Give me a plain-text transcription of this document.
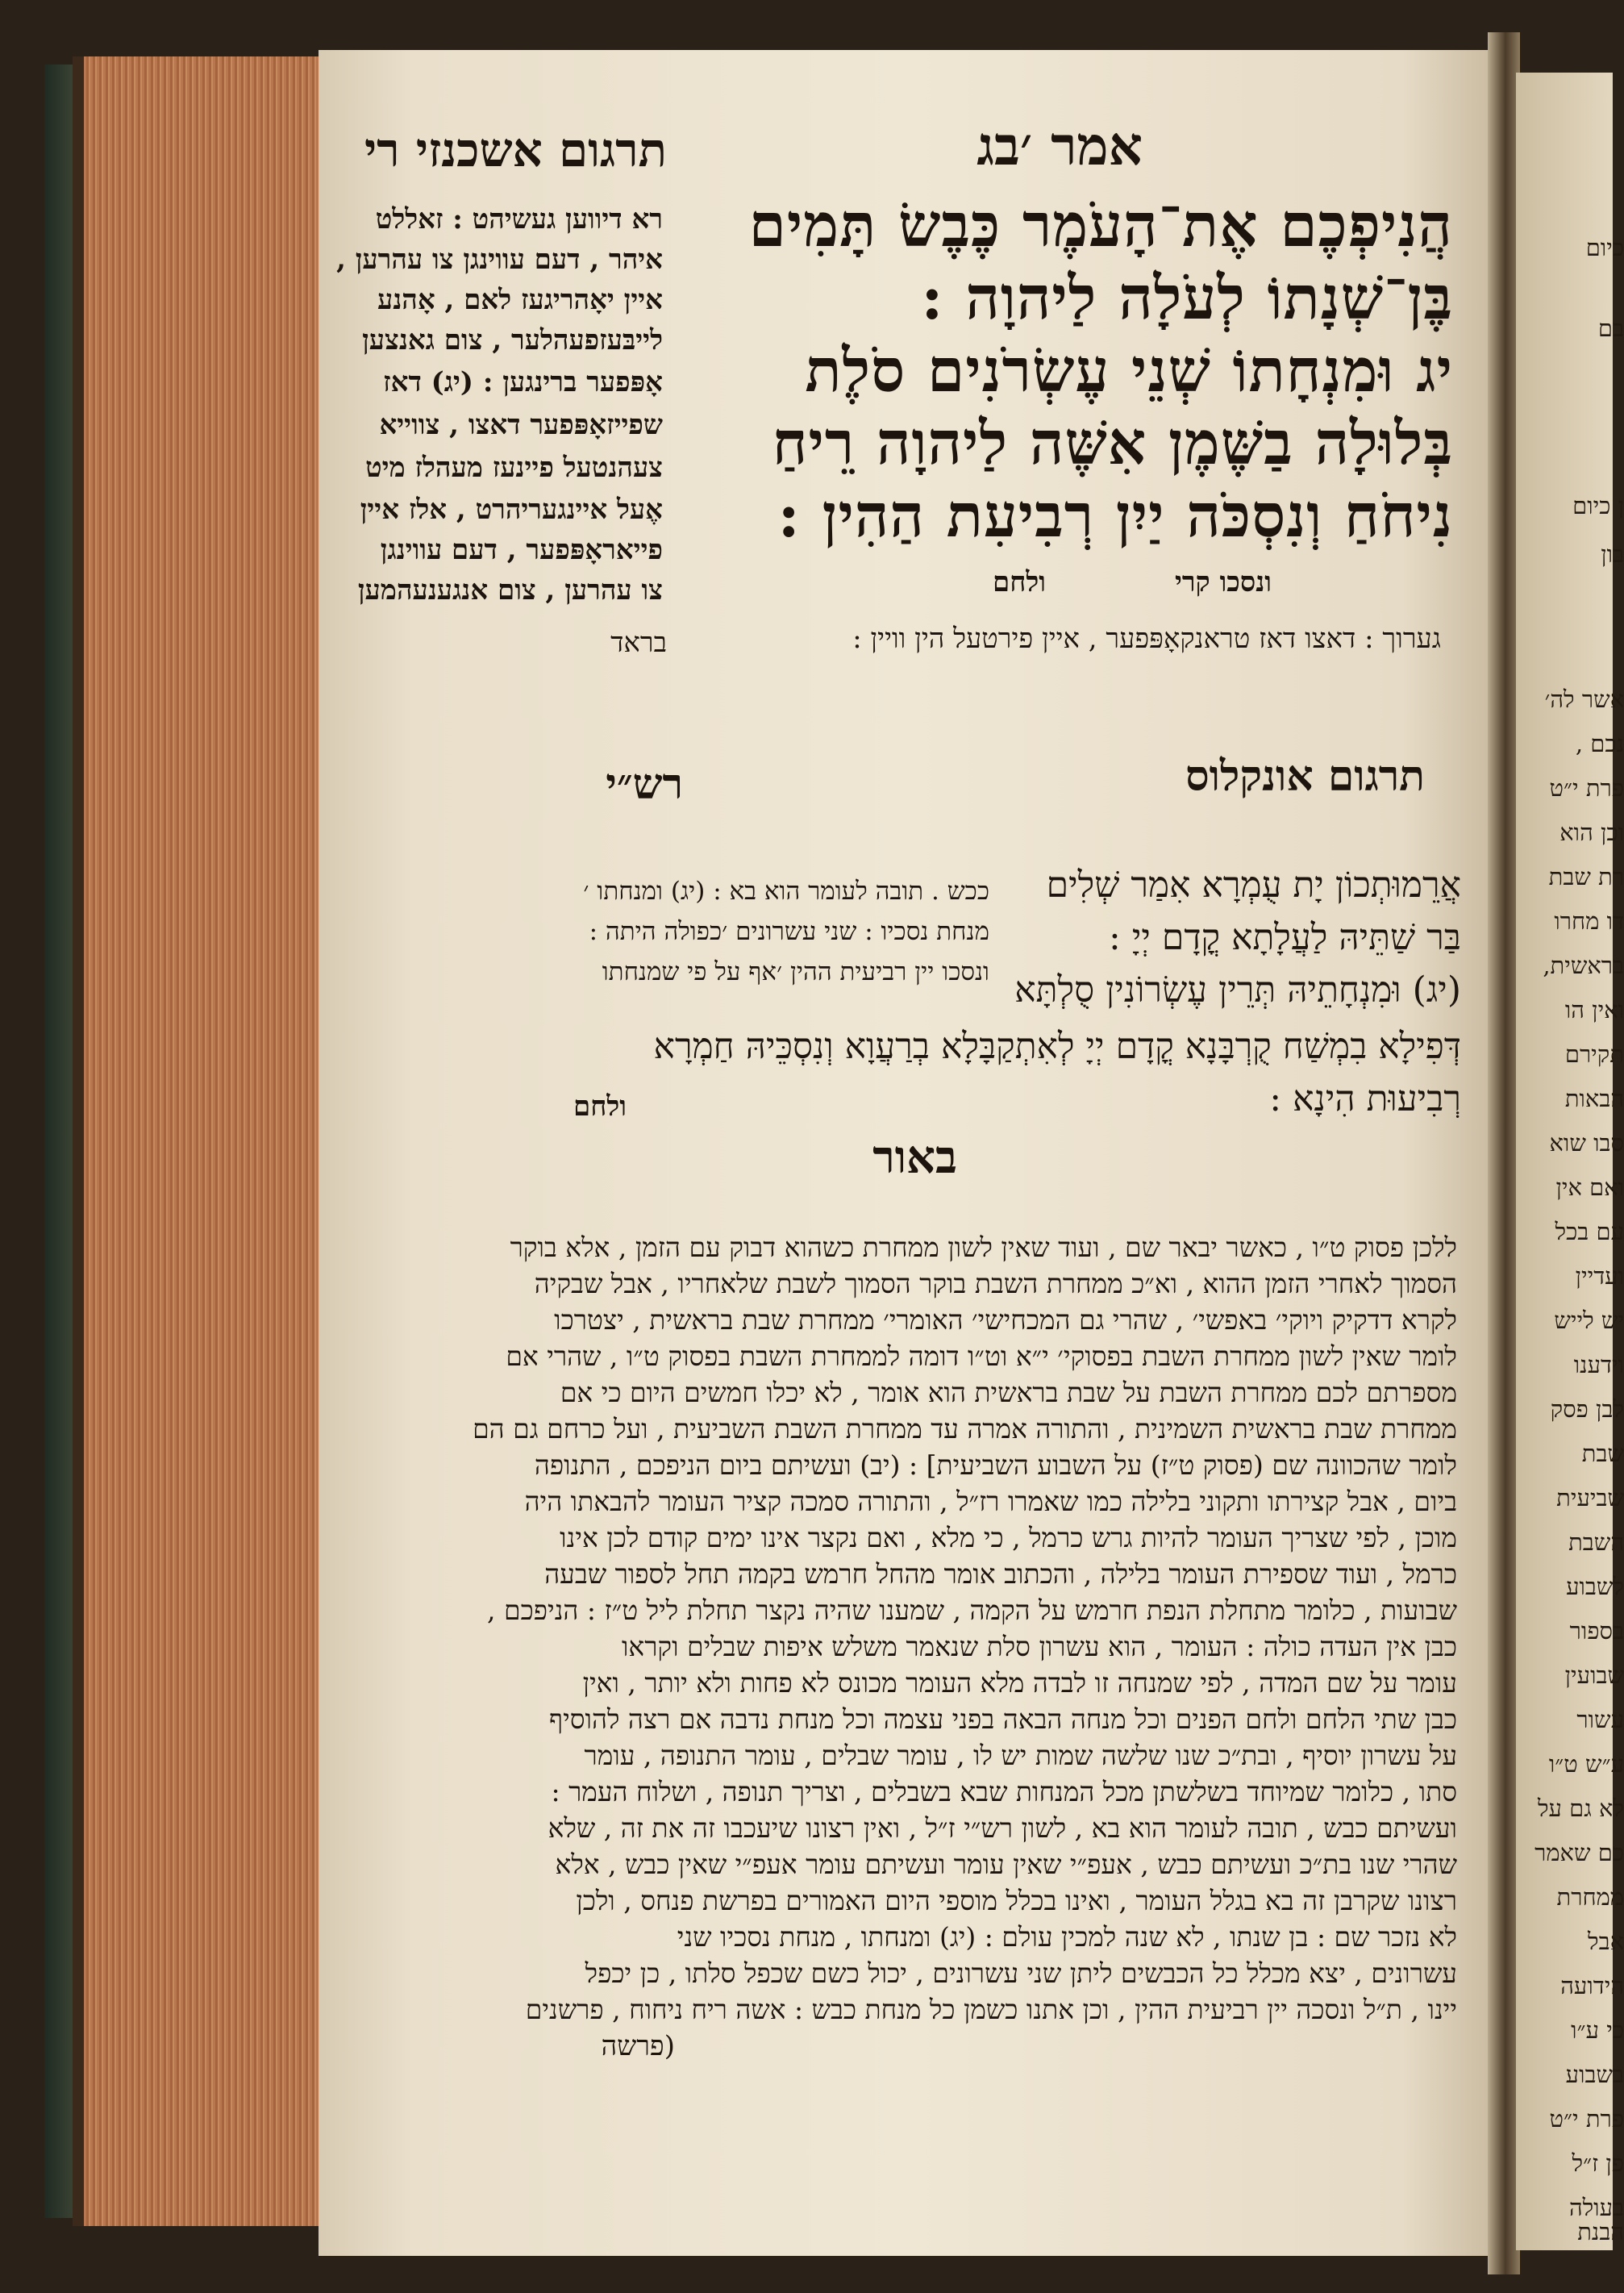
אמר ׳בג
תרגום אשכנזי רי
הֲנִיפְכֶם אֶת־הָעֹמֶר כֶּבֶשׂ תָּמִים
בֶּן־שְׁנָתוֹ לְעֹלָה לַיהוָה :
יג וּמִנְחָתוֹ שְׁנֵי עֶשְׂרֹנִים סֹלֶת
בְּלוּלָה בַשֶּׁמֶן אִשֶּׁה לַיהוָה רֵיחַ
נִיחֹחַ וְנִסְכֹּה יַיִן רְבִיעִת הַהִין :
ונסכו קרי
ולחם
רא דיווען געשיהט : זאללט
איהר , דעם עווינגן צו עהרען ,
איין יאָהריגעז לאם , אָהנע
לייבּעזפעהלער , צום גאנצען
אָפּפער ברינגען : (יג) דאז
שפייזאָפּפער דאצו , צווייא
צעהנטעל פיינעז מעהלז מיט
אֶעל איינגעריהרט , אלז איין
פייאראָפּפער , דעם עווינגן
צו עהרען , צום אנגענעהמען
גערוך : דאצו דאז טראנקאָפּפער , איין פירטעל הין וויין :
בראד
תרגום אונקלוס
רש״י
אֲרֵמוּתְכוֹן יָת עֻמְרָא אִמַר שְׁלִים
בַּר שַׁתֵּיהּ לַעֲלָתָא קֳדָם יְיָ :
(יג) וּמִנְחָתֵיהּ תְּרֵין עֶשְׂרוֹנִין סֻלְתָּא
דְּפִילָא בִמְשַׁח קֻרְבָּנָא קֳדָם יְיָ לְאִתְקַבָּלָא בְרַעֲוָא וְנִסְכֵּיהּ חַמְרָא
רְבִיעוּת הִינָא :
ולחם
ככש . תובה לעומר הוא בא : (יג) ומנחתו ׳
מנחת נסכיו : שני עשרונים ׳כפולה היתה :
ונסכו יין רביעית ההין ׳אף על פי שמנחתו
באור
ללכן פסוק ט״ו , כאשר יבאר שם , ועוד שאין לשון ממחרת כשהוא דבוק עם הזמן , אלא בוקר
הסמוך לאחרי הזמן ההוא , וא״כ ממחרת השבת בוקר הסמוך לשבת שלאחריו , אבל שבקיה
לקרא דדקיק ויוקי׳ באפשי׳ , שהרי גם המכחישי׳ האומרי׳ ממחרת שבת בראשית , יצטרכו
לומר שאין לשון ממחרת השבת בפסוקי׳ י״א וט״ו דומה לממחרת השבת בפסוק ט״ו , שהרי אם
מספרתם לכם ממחרת השבת על שבת בראשית הוא אומר , לא יכלו חמשים היום כי אם
ממחרת שבת בראשית השמינית , והתורה אמרה עד ממחרת השבת השביעית , ועל כרחם גם הם
לומר שהכוונה שם (פסוק ט״ז) על השבוע השביעית] : (יב) ועשיתם ביום הניפכם , התנופה
ביום , אבל קצירתו ותקוני בלילה כמו שאמרו רז״ל , והתורה סמכה קציר העומר להבאתו היה
מוכן , לפי שצריך העומר להיות גרש כרמל , כי מלא , ואם נקצר אינו ימים קודם לכן אינו
כרמל , ועוד שספירת העומר בלילה , והכתוב אומר מהחל חרמש בקמה תחל לספור שבעה
שבועות , כלומר מתחלת הנפת חרמש על הקמה , שמענו שהיה נקצר תחלת ליל ט״ז : הניפכם ,
כבן אין העדה כולה : העומר , הוא עשרון סלת שנאמר משלש איפות שבלים וקראו
עומר על שם המדה , לפי שמנחה זו לבדה מלא העומר מכונס לא פחות ולא יותר , ואין
כבן שתי הלחם ולחם הפנים וכל מנחה הבאה בפני עצמה וכל מנחת נדבה אם רצה להוסיף
על עשרון יוסיף , ובת״כ שנו שלשה שמות יש לו , עומר שבלים , עומר התנופה , עומר
סתו , כלומר שמיוחד בשלשתן מכל המנחות שבא בשבלים , וצריך תנופה , ושלוח העמר :
ועשיתם כבש , תובה לעומר הוא בא , לשון רש״י ז״ל , ואין רצונו שיעכבו זה את זה , שלא
שהרי שנו בת״כ ועשיתם כבש , אעפ״י שאין עומר ועשיתם עומר אעפ״י שאין כבש , אלא
רצונו שקרבן זה בא בגלל העומר , ואינו בכלל מוספי היום האמורים בפרשת פנחס , ולכן
לא נזכר שם : בן שנתו , לא שנה למכין עולם : (יג) ומנחתו , מנחת נסכיו שני
עשרונים , יצא מכלל כל הכבשים ליתן שני עשרונים , יכול כשם שכפל סלתו , כן יכפל
יינו , ת״ל ונסכה יין רביעית ההין , וכן אתנו כשמן כל מנחת כבש : אשה ריח ניחוח , פרשנים
(פרשה
כיום
בם
ן כיום
בון
אשר לה׳
נכם ,
פרת י״ט
וכן הוא
רת שבת
דו מחרו
בראשית,
ואין הו
תקירם
הבאות
סבו שוא
ואם אין
עם בכל
ועדיין
יש לייש
וידענו
לבן פסק
שבת
שביעית
השבת
לשבוע
בספור
שבועין
עשור
ע״ש ט״ו
לא גם על
כם שאמר
ממחרת
אבל
הידועה
כי ע״ו
בשבוע
פרת י״ט
פן ז״ל
בעולה
הבנת
